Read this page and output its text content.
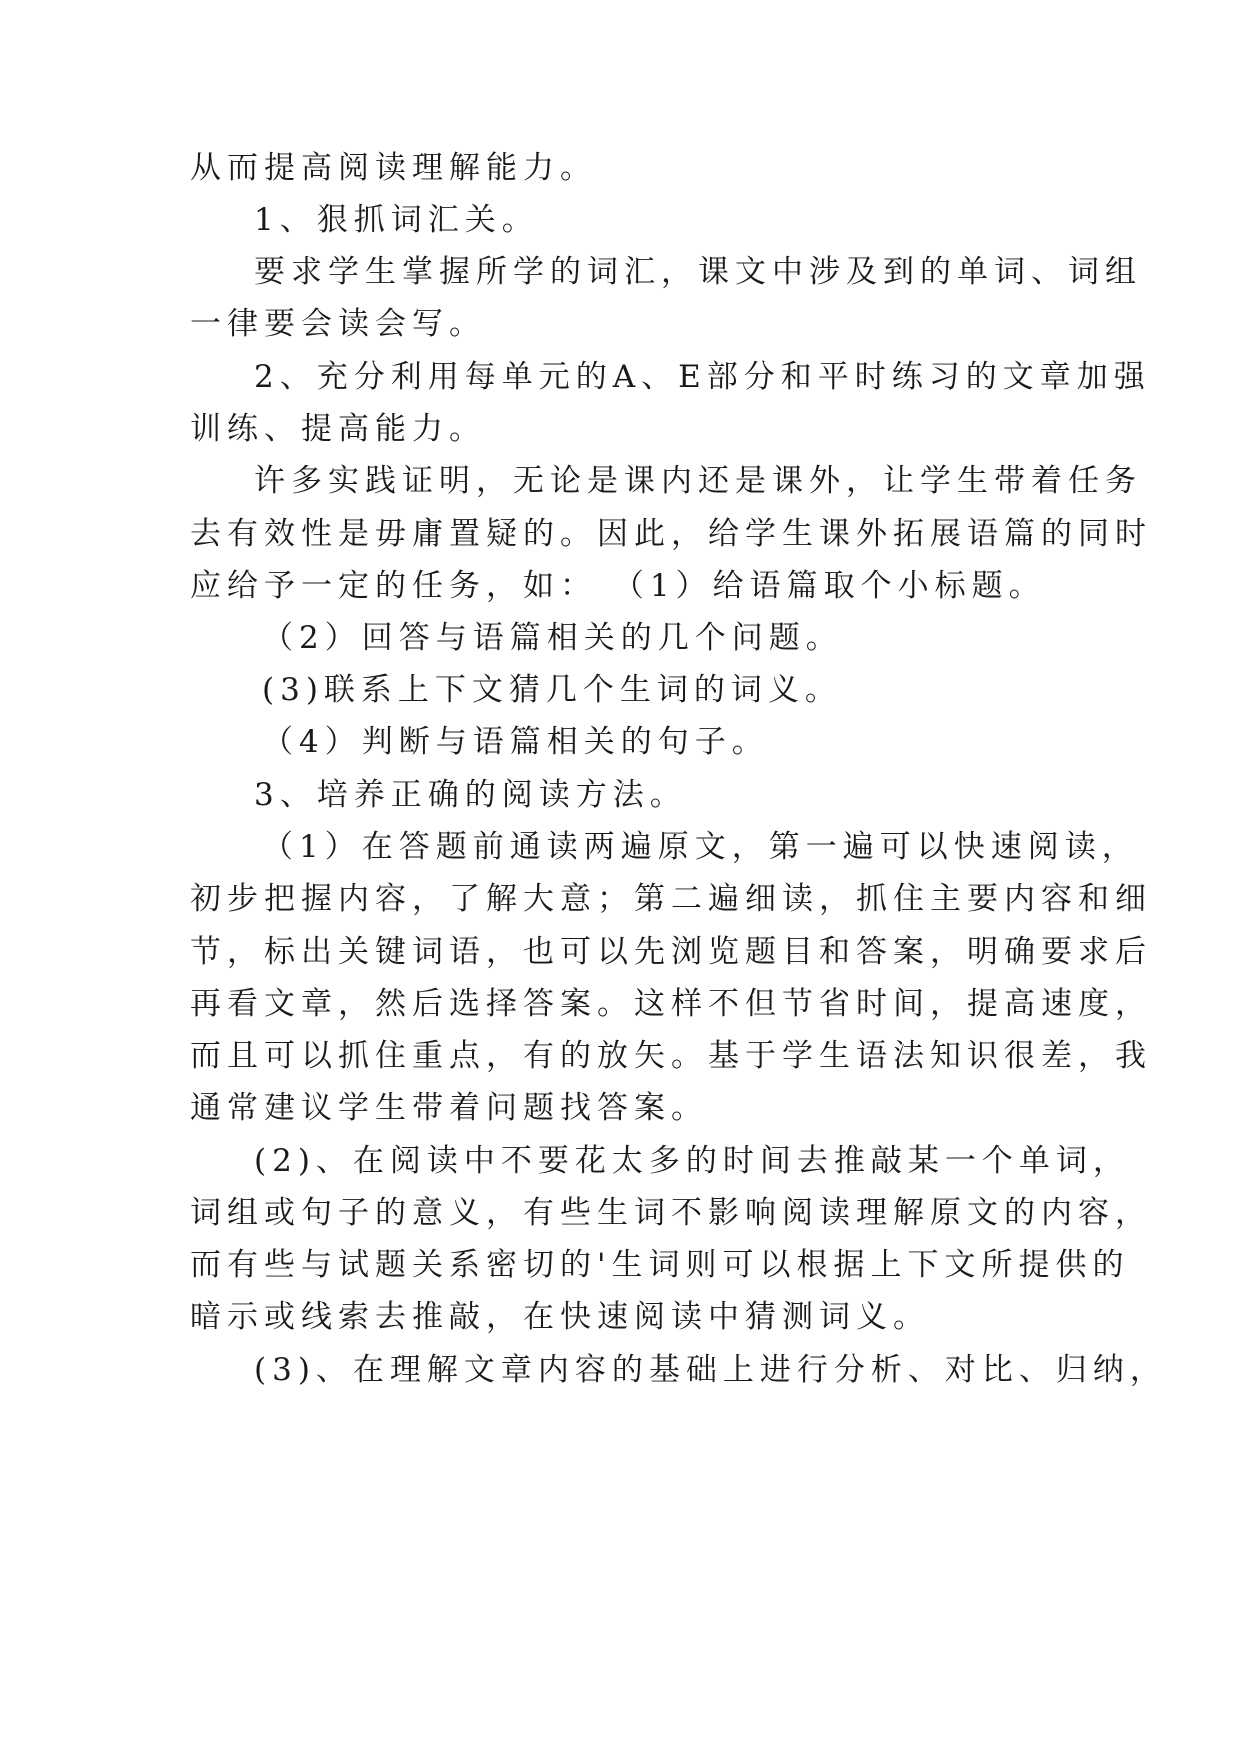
从而提高阅读理解能力。
1、狠抓词汇关。
要求学生掌握所学的词汇，课文中涉及到的单词、词组
一律要会读会写。
2、充分利用每单元的A、E部分和平时练习的文章加强
训练、提高能力。
许多实践证明，无论是课内还是课外，让学生带着任务
去有效性是毋庸置疑的。因此，给学生课外拓展语篇的同时
应给予一定的任务，如： （1）给语篇取个小标题。
（2）回答与语篇相关的几个问题。
(3)联系上下文猜几个生词的词义。
（4）判断与语篇相关的句子。
3、培养正确的阅读方法。
（1）在答题前通读两遍原文，第一遍可以快速阅读，
初步把握内容，了解大意；第二遍细读，抓住主要内容和细
节，标出关键词语，也可以先浏览题目和答案，明确要求后
再看文章，然后选择答案。这样不但节省时间，提高速度，
而且可以抓住重点，有的放矢。基于学生语法知识很差，我
通常建议学生带着问题找答案。
(2)、在阅读中不要花太多的时间去推敲某一个单词，
词组或句子的意义，有些生词不影响阅读理解原文的内容，
而有些与试题关系密切的'生词则可以根据上下文所提供的
暗示或线索去推敲，在快速阅读中猜测词义。
(3)、在理解文章内容的基础上进行分析、对比、归纳，
